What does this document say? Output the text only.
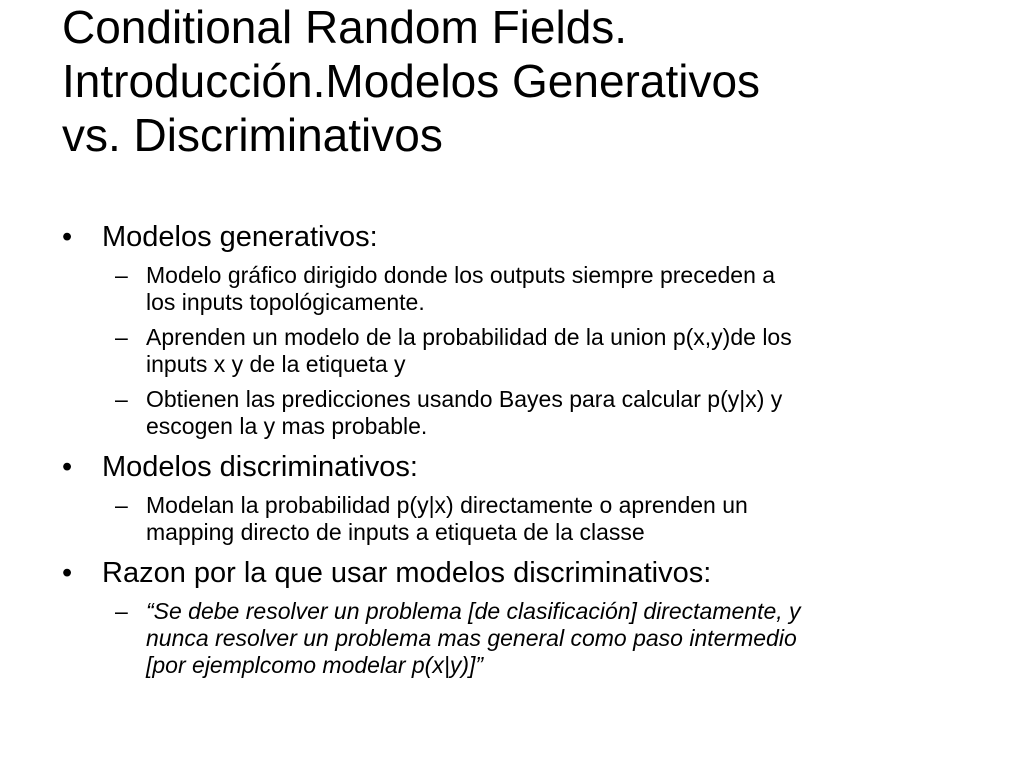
Conditional Random Fields.
Introducción.Modelos Generativos
vs. Discriminativos
• Modelos generativos:
– Modelo gráfico dirigido donde los outputs siempre preceden a
los inputs topológicamente.
– Aprenden un modelo de la probabilidad de la union p(x,y)de los
inputs x y de la etiqueta y
– Obtienen las predicciones usando Bayes para calcular p(y|x) y
escogen la y mas probable.
• Modelos discriminativos:
– Modelan la probabilidad p(y|x) directamente o aprenden un
mapping directo de inputs a etiqueta de la classe
• Razon por la que usar modelos discriminativos:
– “Se debe resolver un problema [de clasificación] directamente, y
nunca resolver un problema mas general como paso intermedio
[por ejemplcomo modelar p(x|y)]”
